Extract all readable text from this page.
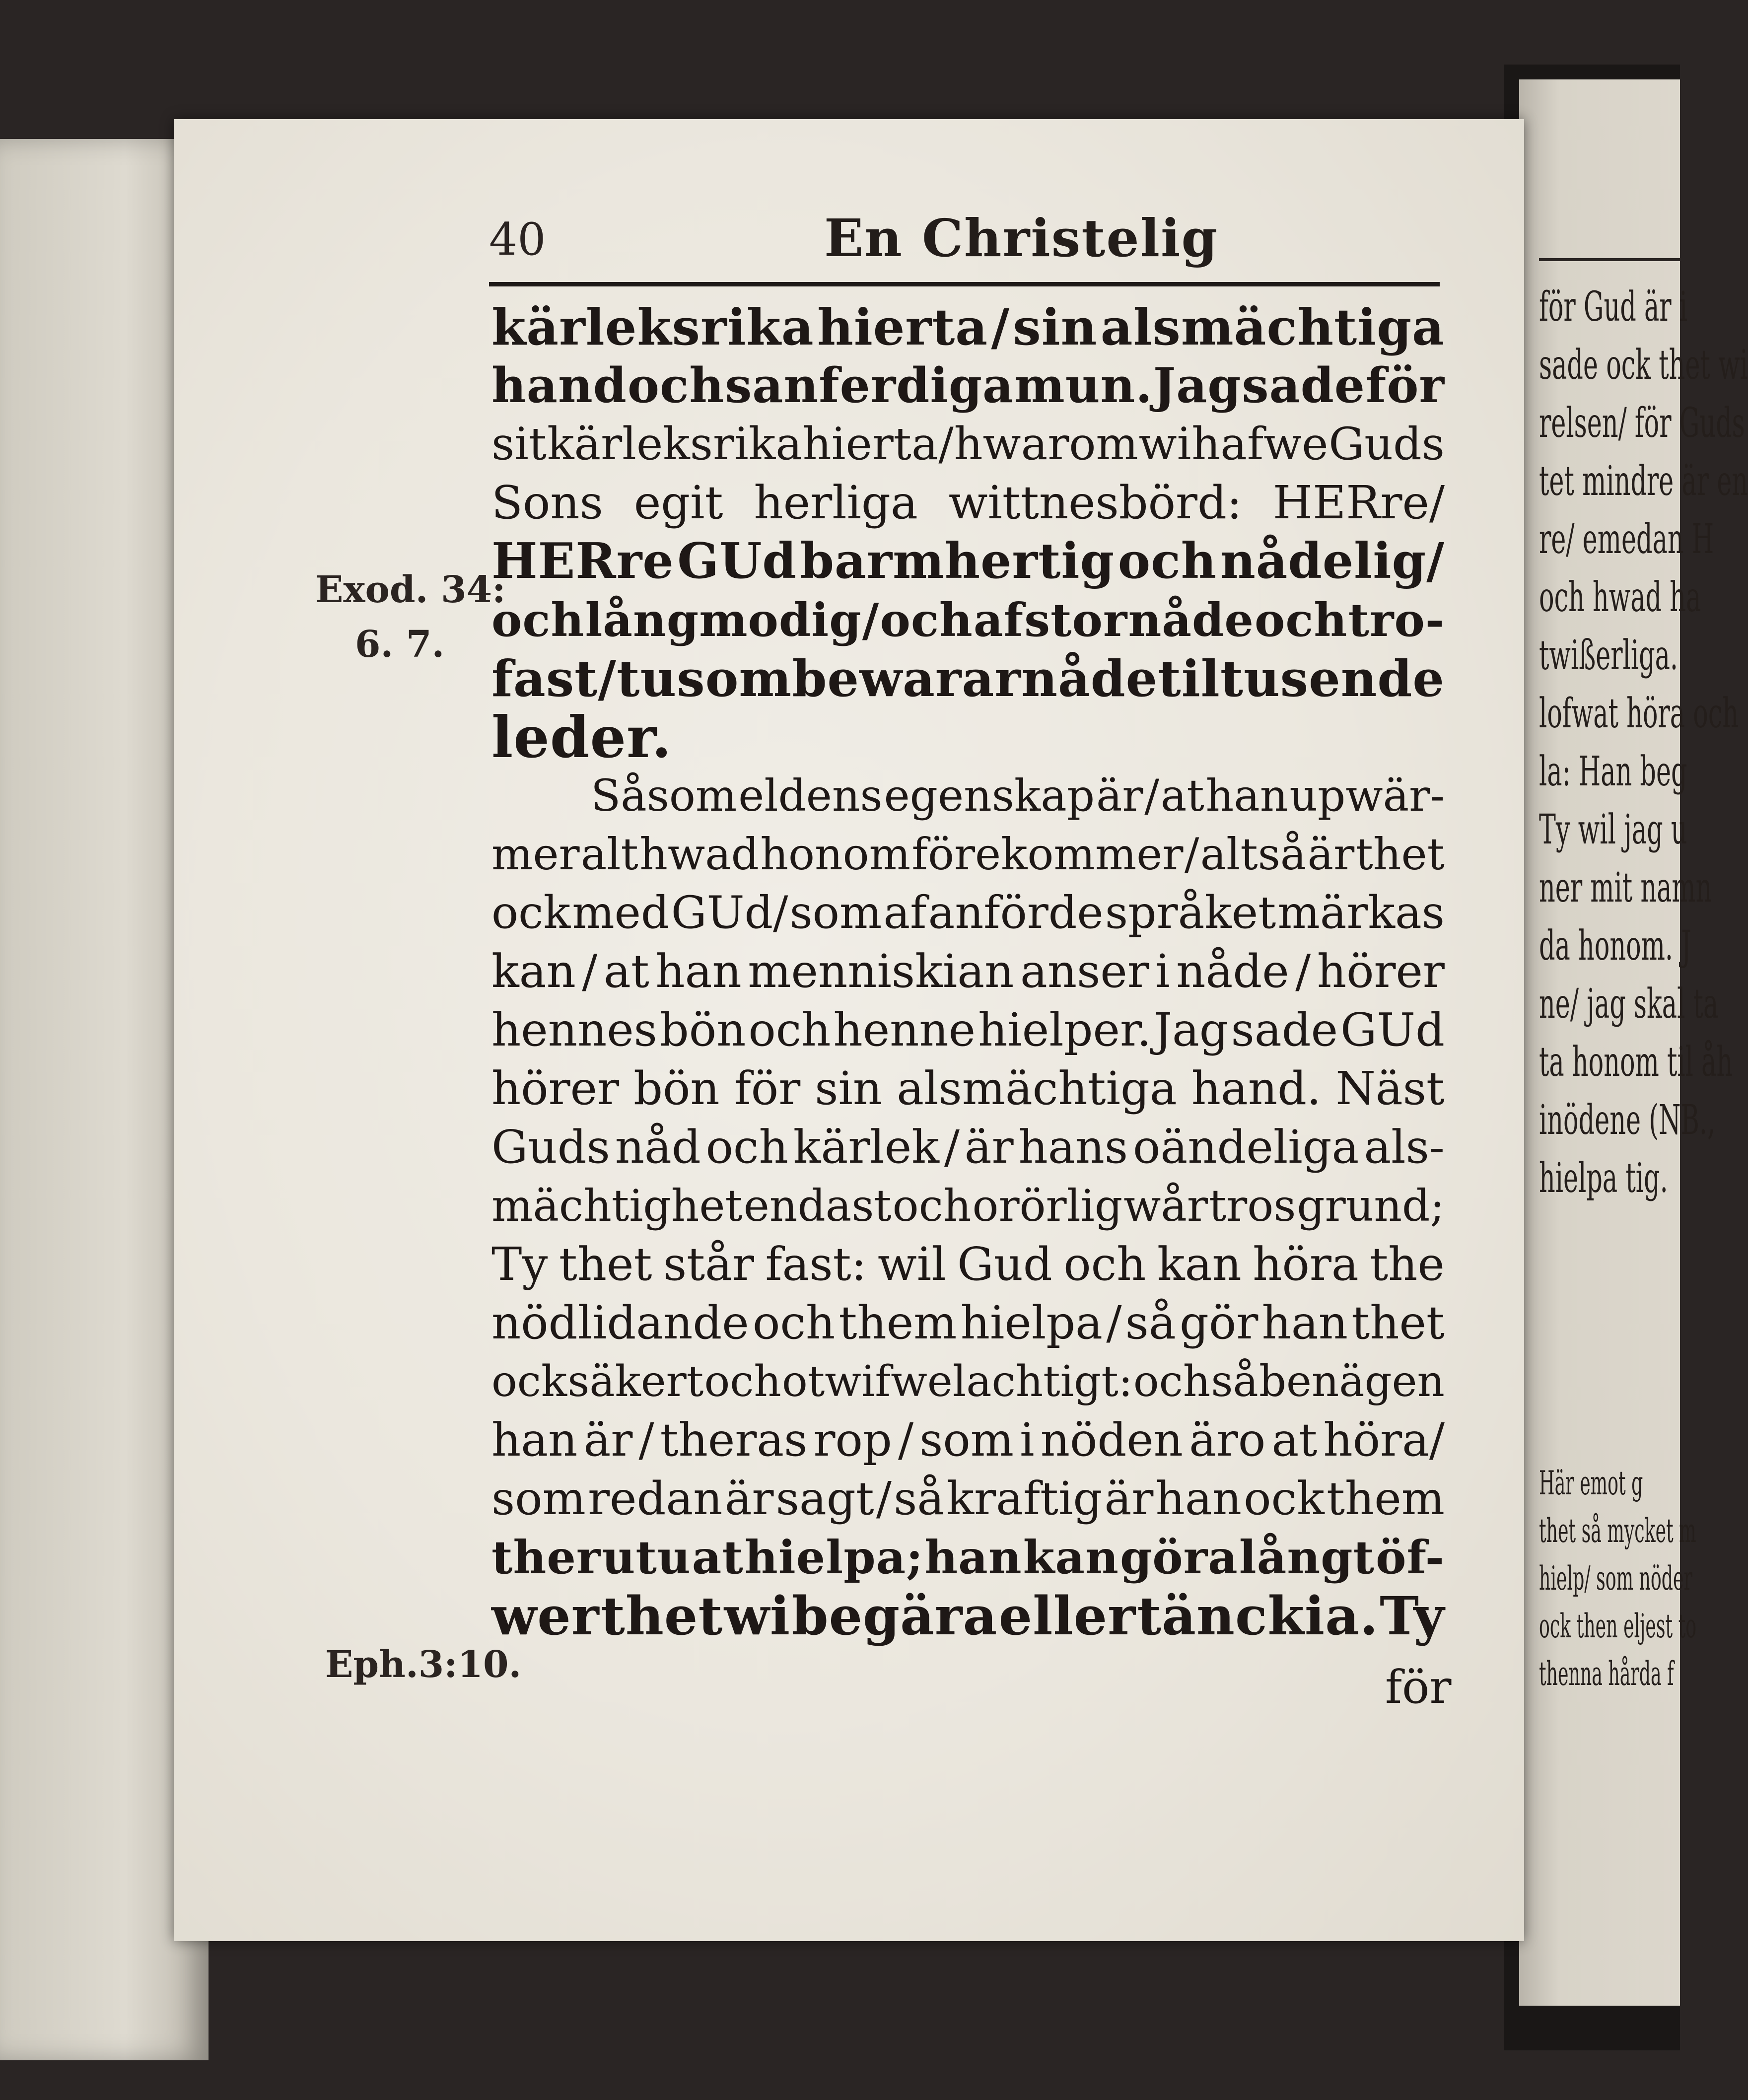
för Gud är i
sade ock thet wi
relsen/ för Guds
tet mindre är en
re/ emedan H
och hwad ha
twißerliga.
lofwat höra och
la: Han beg
Ty wil jag u
ner mit namn
da honom. J
ne/ jag skal ta
ta honom til åh
inödene (NB.,
hielpa tig.
Här emot g
thet så mycket m
hielp/ som nöder
ock then eljest to
thenna hårda f
40	En Christelig
Exod. 34:
6. 7.
Eph.3:10.
kärleksrika hierta / sin alsmächtiga
hand och sanferdiga mun. Jag sade för
sit kärleksrika hierta / hwarom wi hafwe Guds
Sons egit herliga wittnesbörd: HERre/
HERre GUd barmhertig och nådelig/
och långmodig / och af stor nåde och tro-
fast / tu som bewarar nåde til tusende
leder.
Såsom eldens egenskap är / at han upwär-
mer alt hwad honom förekommer / altså är thet
ock med GUd/ som af anförde språket märkas
kan / at han menniskian anser i nåde / hörer
hennes bön och henne hielper. Jag sade GUd
hörer bön för sin alsmächtiga hand. Näst
Guds nåd och kärlek / är hans oändeliga als-
mächtighet endast och orörlig wår tros grund;
Ty thet står fast: wil Gud och kan höra the
nödlidande och them hielpa / så gör han thet
ock säkert och otwifwelachtigt: och så benägen
han är / theras rop / som i nöden äro at höra/
som redan är sagt / så kraftig är han ock them
ther utu at hielpa; han kan göra långt öf-
wer thet wi begära eller tänckia. Ty
för
